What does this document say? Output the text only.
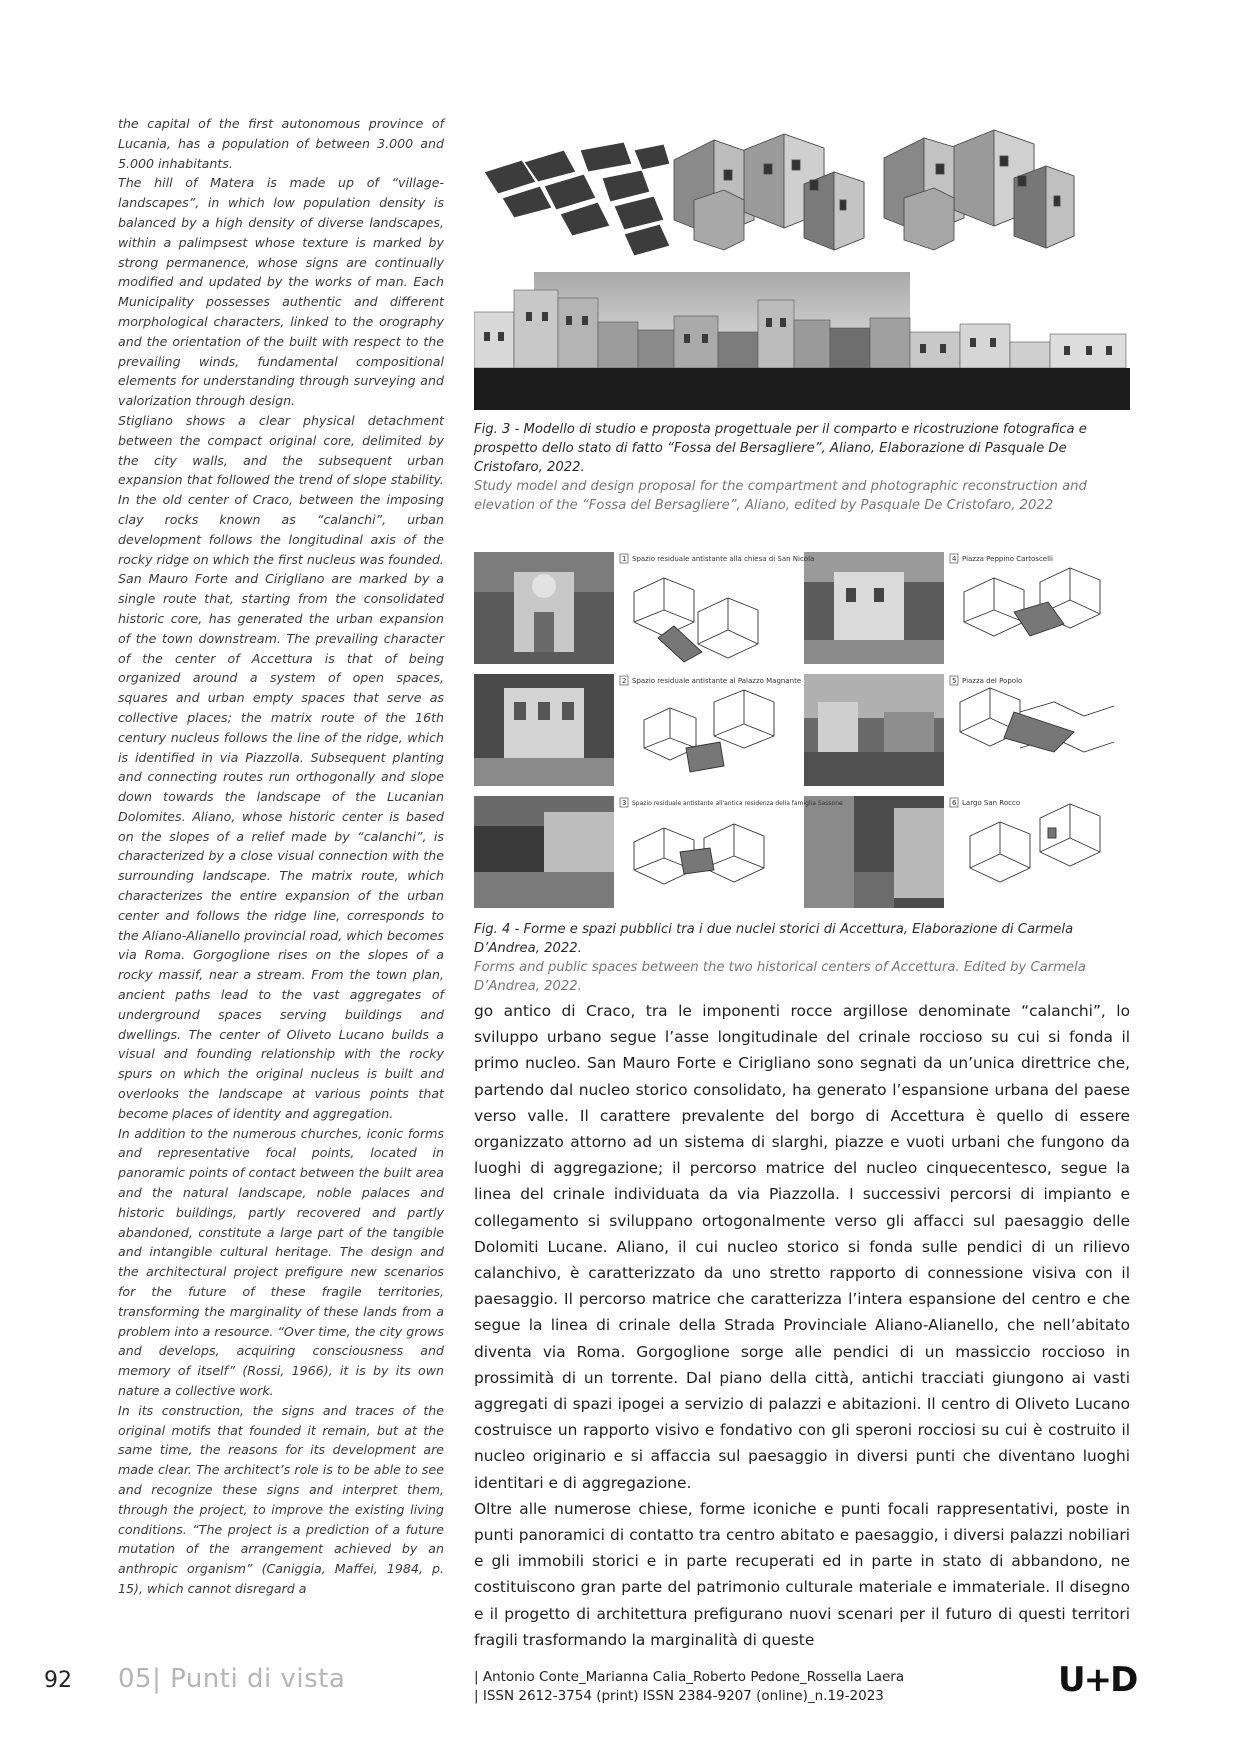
the capital of the first autonomous province of Lucania, has a population of between 3.000 and 5.000 inhabitants.

The hill of Matera is made up of “village-landscapes”, in which low population density is balanced by a high density of diverse landscapes, within a palimpsest whose texture is marked by strong permanence, whose signs are continually modified and updated by the works of man. Each Municipality possesses authentic and different morphological characters, linked to the orography and the orientation of the built with respect to the prevailing winds, fundamental compositional elements for understanding through surveying and valorization through design.

Stigliano shows a clear physical detachment between the compact original core, delimited by the city walls, and the subsequent urban expansion that followed the trend of slope stability. In the old center of Craco, between the imposing clay rocks known as “calanchi”, urban development follows the longitudinal axis of the rocky ridge on which the first nucleus was founded. San Mauro Forte and Cirigliano are marked by a single route that, starting from the consolidated historic core, has generated the urban expansion of the town downstream. The prevailing character of the center of Accettura is that of being organized around a system of open spaces, squares and urban empty spaces that serve as collective places; the matrix route of the 16th century nucleus follows the line of the ridge, which is identified in via Piazzolla. Subsequent planting and connecting routes run orthogonally and slope down towards the landscape of the Lucanian Dolomites. Aliano, whose historic center is based on the slopes of a relief made by “calanchi”, is characterized by a close visual connection with the surrounding landscape. The matrix route, which characterizes the entire expansion of the urban center and follows the ridge line, corresponds to the Aliano-Alianello provincial road, which becomes via Roma. Gorgoglione rises on the slopes of a rocky massif, near a stream. From the town plan, ancient paths lead to the vast aggregates of underground spaces serving buildings and dwellings. The center of Oliveto Lucano builds a visual and founding relationship with the rocky spurs on which the original nucleus is built and overlooks the landscape at various points that become places of identity and aggregation.

In addition to the numerous churches, iconic forms and representative focal points, located in panoramic points of contact between the built area and the natural landscape, noble palaces and historic buildings, partly recovered and partly abandoned, constitute a large part of the tangible and intangible cultural heritage. The design and the architectural project prefigure new scenarios for the future of these fragile territories, transforming the marginality of these lands from a problem into a resource. “Over time, the city grows and develops, acquiring consciousness and memory of itself” (Rossi, 1966), it is by its own nature a collective work.

In its construction, the signs and traces of the original motifs that founded it remain, but at the same time, the reasons for its development are made clear. The architect’s role is to be able to see and recognize these signs and interpret them, through the project, to improve the existing living conditions. “The project is a prediction of a future mutation of the arrangement achieved by an anthropic organism” (Caniggia, Maffei, 1984, p. 15), which cannot disregard a

Fig. 3 - Modello di studio e proposta progettuale per il comparto e ricostruzione fotografica e prospetto dello stato di fatto “Fossa del Bersagliere”, Aliano, Elaborazione di Pasquale De Cristofaro, 2022.
Study model and design proposal for the compartment and photographic reconstruction and elevation of the “Fossa del Bersagliere”, Aliano, edited by Pasquale De Cristofaro, 2022
1 Spazio residuale antistante alla chiesa di San Nicola	4 Piazza Peppino Cartoscelli
2 Spazio residuale antistante al Palazzo Magnante	5 Piazza del Popolo
3 Spazio residuale antistante all'antica residenza della famiglia Sassone	6 Largo San Rocco
Fig. 4 - Forme e spazi pubblici tra i due nuclei storici di Accettura, Elaborazione di Carmela D’Andrea, 2022.
Forms and public spaces between the two historical centers of Accettura. Edited by Carmela D’Andrea, 2022.

go antico di Craco, tra le imponenti rocce argillose denominate “calanchi”, lo sviluppo urbano segue l’asse longitudinale del crinale roccioso su cui si fonda il primo nucleo. San Mauro Forte e Cirigliano sono segnati da un’unica direttrice che, partendo dal nucleo storico consolidato, ha generato l’espansione urbana del paese verso valle. Il carattere prevalente del borgo di Accettura è quello di essere organizzato attorno ad un sistema di slarghi, piazze e vuoti urbani che fungono da luoghi di aggregazione; il percorso matrice del nucleo cinquecentesco, segue la linea del crinale individuata da via Piazzolla. I successivi percorsi di impianto e collegamento si sviluppano ortogonalmente verso gli affacci sul paesaggio delle Dolomiti Lucane. Aliano, il cui nucleo storico si fonda sulle pendici di un rilievo calanchivo, è caratterizzato da uno stretto rapporto di connessione visiva con il paesaggio. Il percorso matrice che caratterizza l’intera espansione del centro e che segue la linea di crinale della Strada Provinciale Aliano-Alianello, che nell’abitato diventa via Roma. Gorgoglione sorge alle pendici di un massiccio roccioso in prossimità di un torrente. Dal piano della città, antichi tracciati giungono ai vasti aggregati di spazi ipogei a servizio di palazzi e abitazioni. Il centro di Oliveto Lucano costruisce un rapporto visivo e fondativo con gli speroni rocciosi su cui è costruito il nucleo originario e si affaccia sul paesaggio in diversi punti che diventano luoghi identitari e di aggregazione.

Oltre alle numerose chiese, forme iconiche e punti focali rappresentativi, poste in punti panoramici di contatto tra centro abitato e paesaggio, i diversi palazzi nobiliari e gli immobili storici e in parte recuperati ed in parte in stato di abbandono, ne costituiscono gran parte del patrimonio culturale materiale e immateriale. Il disegno e il progetto di architettura prefigurano nuovi scenari per il futuro di questi territori fragili trasformando la marginalità di queste

92 05| Punti di vista	| Antonio Conte_Marianna Calia_Roberto Pedone_Rossella Laera
| ISSN 2612-3754 (print) ISSN 2384-9207 (online)_n.19-2023	U+D
